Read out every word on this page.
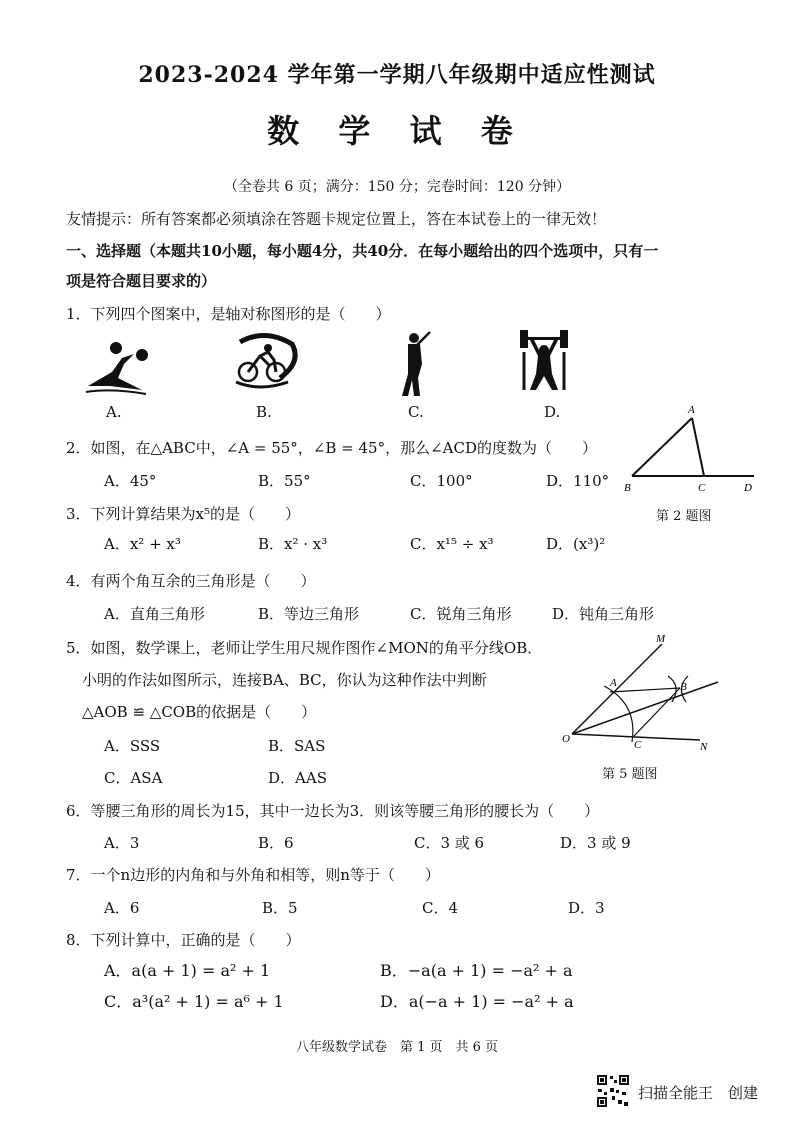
2023-2024 学年第一学期八年级期中适应性测试
数 学 试 卷
（全卷共 6 页；满分：150 分；完卷时间：120 分钟）
友情提示：所有答案都必须填涂在答题卡规定位置上，答在本试卷上的一律无效！
一、选择题（本题共10小题，每小题4分，共40分．在每小题给出的四个选项中，只有一
项是符合题目要求的）
1．下列四个图案中，是轴对称图形的是（　　）
A.	B.	C.	D.
2．如图，在△ABC中，∠A = 55°，∠B = 45°，那么∠ACD的度数为（　　）
A．45°	B．55°	C．100°	D．110°
A
B	C	D
第 2 题图
3．下列计算结果为x⁵的是（　　）
A．x² + x³	B．x² · x³	C．x¹⁵ ÷ x³	D．(x³)²
4．有两个角互余的三角形是（　　）
A．直角三角形	B．等边三角形	C．锐角三角形	D．钝角三角形
5．如图，数学课上，老师让学生用尺规作图作∠MON的角平分线OB．
小明的作法如图所示，连接BA、BC，你认为这种作法中判断
△AOB ≌ △COB的依据是（　　）
A．SSS	B．SAS
C．ASA	D．AAS
M
A	B
O	C	N
第 5 题图
6．等腰三角形的周长为15，其中一边长为3．则该等腰三角形的腰长为（　　）
A．3	B．6	C．3 或 6	D．3 或 9
7．一个n边形的内角和与外角和相等，则n等于（　　）
A．6	B．5	C．4	D．3
8．下列计算中，正确的是（　　）
A．a(a + 1) = a² + 1	B．−a(a + 1) = −a² + a
C．a³(a² + 1) = a⁶ + 1	D．a(−a + 1) = −a² + a
八年级数学试卷　第 1 页　共 6 页
扫描全能王　创建
